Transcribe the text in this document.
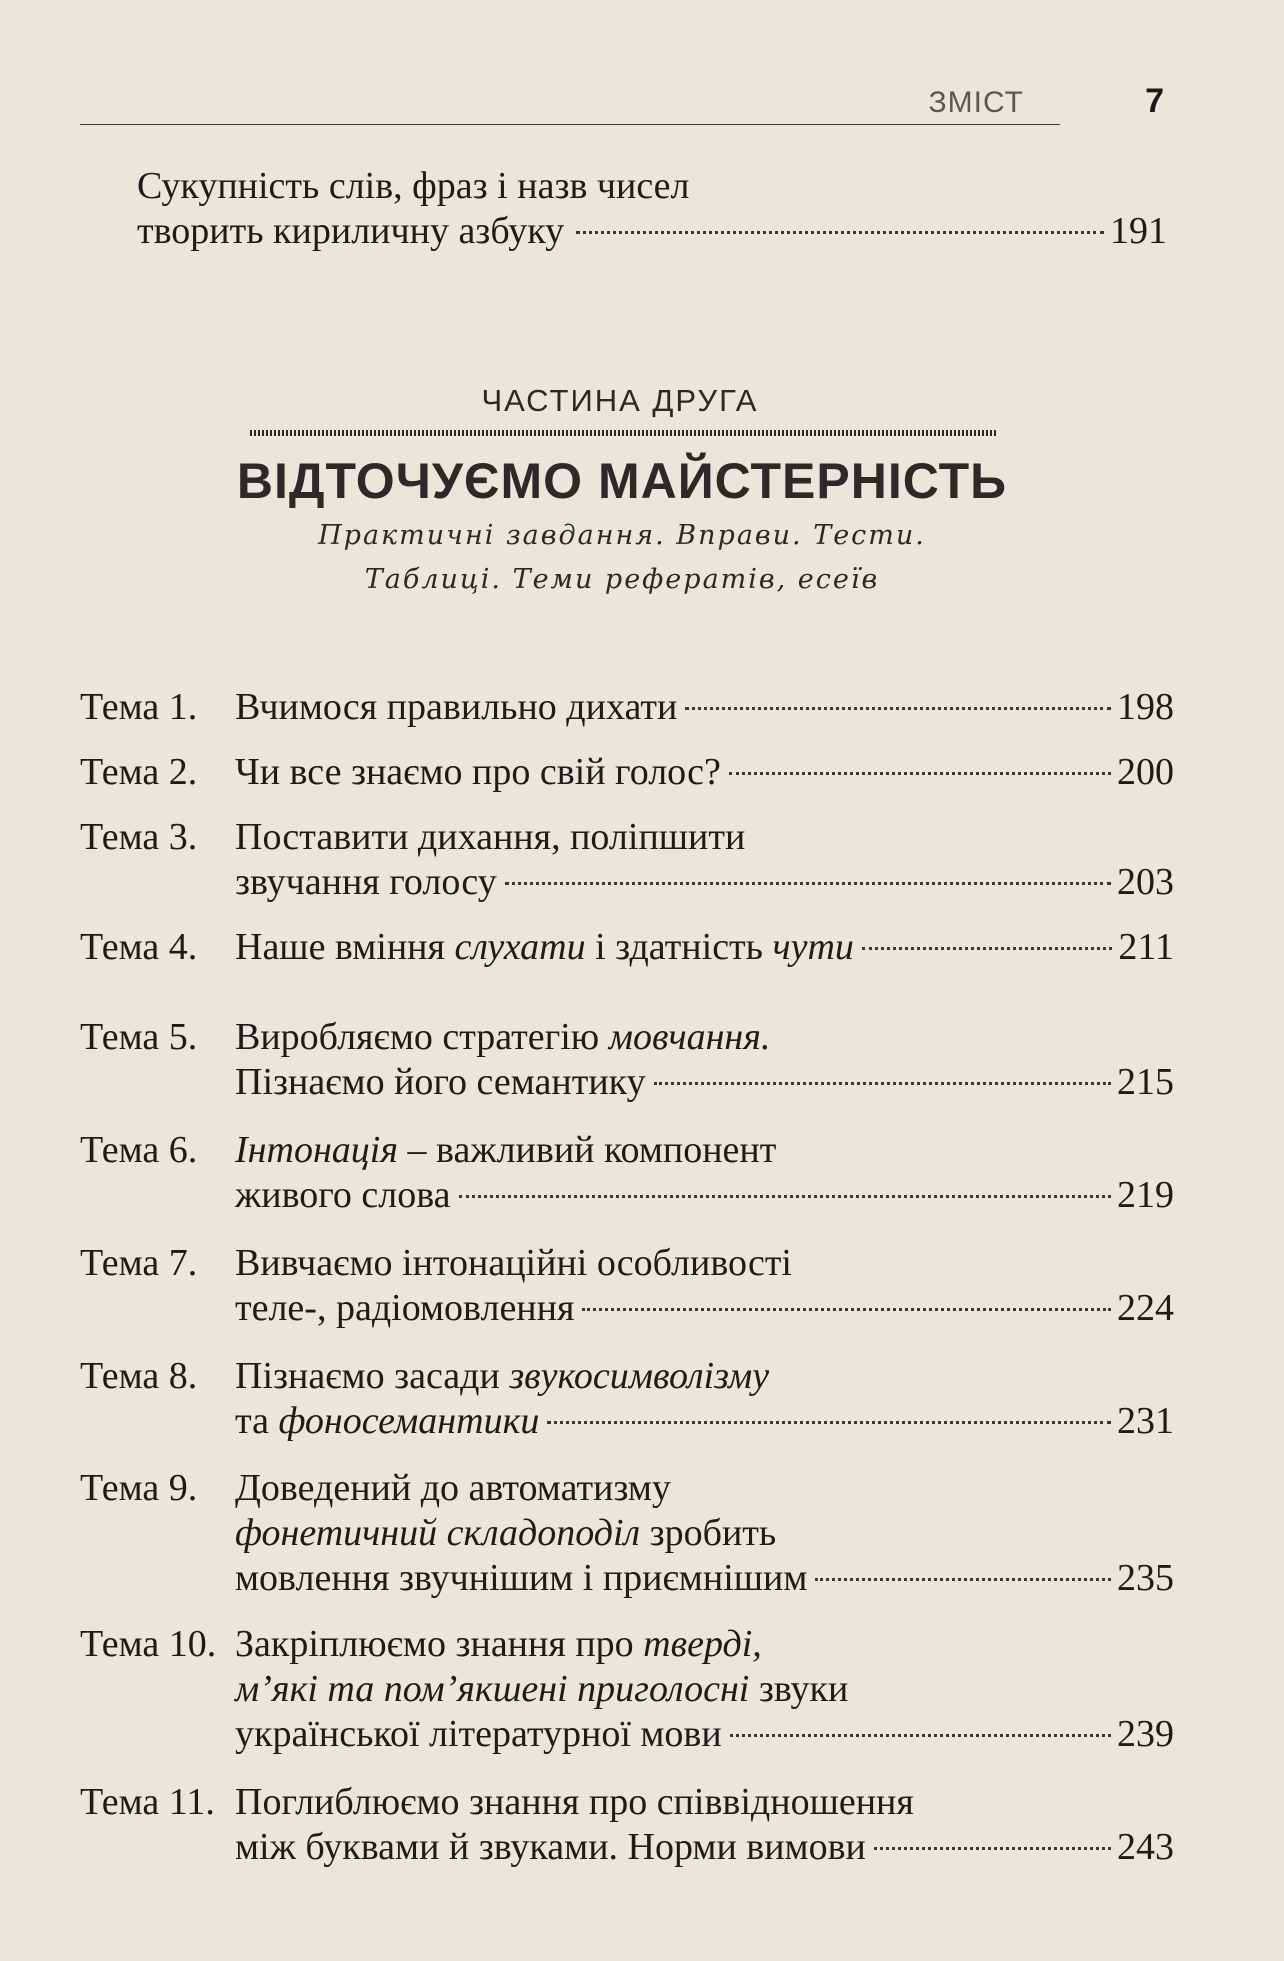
ЗМІСТ	7
Сукупність слів, фраз і назв чисел
творить кириличну азбуку	191
ЧАСТИНА ДРУГА
ВІДТОЧУЄМО МАЙСТЕРНІСТЬ
Практичні завдання. Вправи. Тести.
Таблиці. Теми рефератів, есеїв
Тема 1. Вчимося правильно дихати	198
Тема 2. Чи все знаємо про свій голос?	200
Тема 3. Поставити дихання, поліпшити
звучання голосу	203
Тема 4. Наше вміння слухати і здатність чути	211
Тема 5. Виробляємо стратегію мовчання.
Пізнаємо його семантику	215
Тема 6. Інтонація – важливий компонент
живого слова	219
Тема 7. Вивчаємо інтонаційні особливості
теле-, радіомовлення	224
Тема 8. Пізнаємо засади звукосимволізму
та фоносемантики	231
Тема 9. Доведений до автоматизму
фонетичний складоподіл зробить
мовлення звучнішим і приємнішим	235
Тема 10. Закріплюємо знання про тверді,
м’які та пом’якшені приголосні звуки
української літературної мови	239
Тема 11. Поглиблюємо знання про співвідношення
між буквами й звуками. Норми вимови	243
